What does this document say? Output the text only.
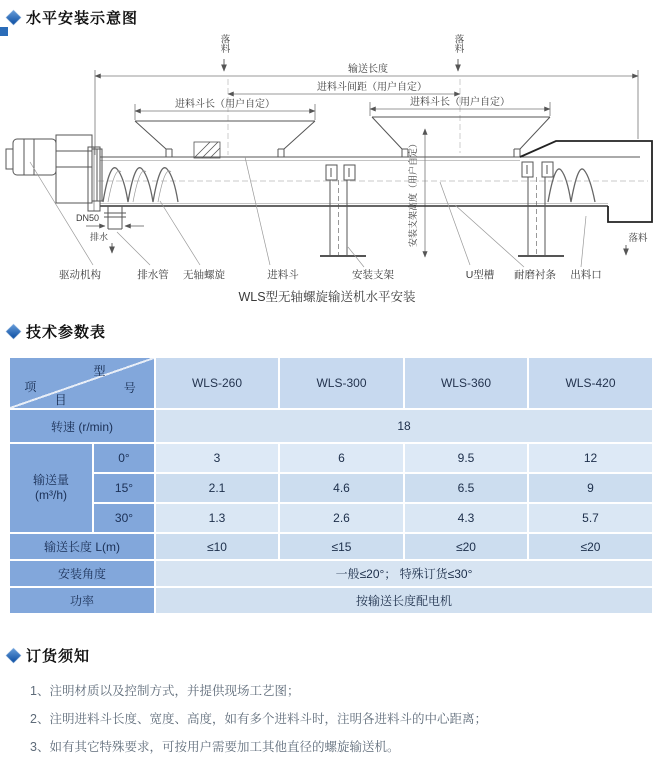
水平安装示意图
落料	落料
输送长度
进料斗间距（用户自定）
进料斗长（用户自定）	进料斗长（用户自定）
安装支架高度（用户自定）
DN50
排水	落料
驱动机构	排水管 无轴螺旋	进料斗	安装支架	U型槽 耐磨衬条 出料口
WLS型无轴螺旋输送机水平安装
技术参数表
型
号
项
目		WLS-260	WLS-300	WLS-360	WLS-420
转速 (r/min)		18			

输送量
(m³/h)	0°	3	6	9.5	12
	15°	2.1	4.6	6.5	9
	30°	1.3	2.6	4.3	5.7
输送长度 L(m)		≤10	≤15	≤20	≤20
安装角度		一般≤20°； 特殊订货≤30°			
功率		按输送长度配电机			
订货须知
1、注明材质以及控制方式，并提供现场工艺图；
2、注明进料斗长度、宽度、高度，如有多个进料斗时，注明各进料斗的中心距离；
3、如有其它特殊要求，可按用户需要加工其他直径的螺旋输送机。
